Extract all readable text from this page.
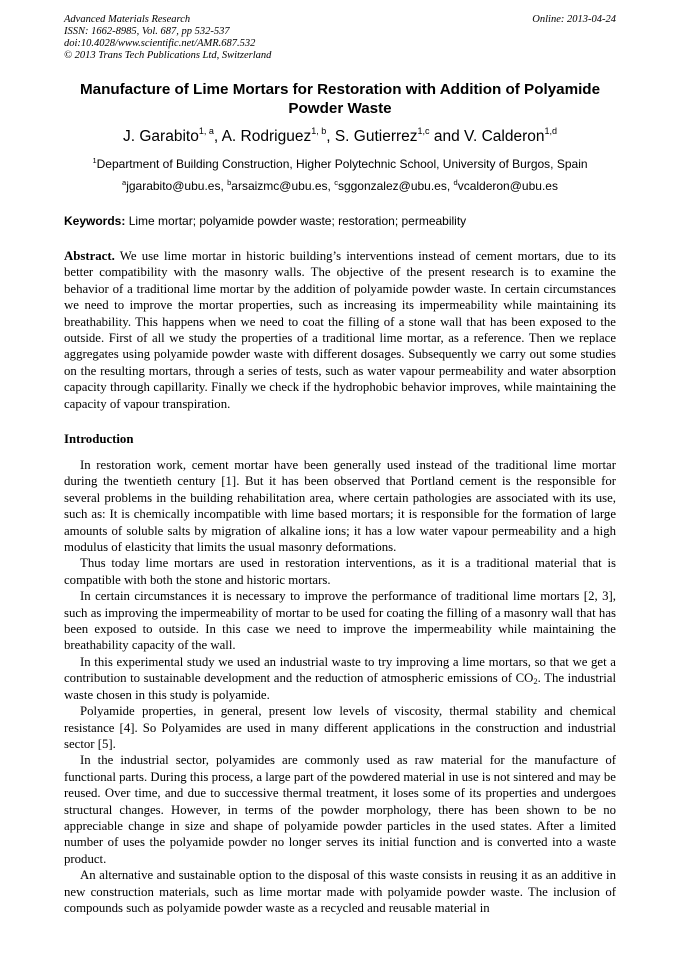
Advanced Materials Research
ISSN: 1662-8985, Vol. 687, pp 532-537
doi:10.4028/www.scientific.net/AMR.687.532
© 2013 Trans Tech Publications Ltd, Switzerland
Online: 2013-04-24
Manufacture of Lime Mortars for Restoration with Addition of Polyamide Powder Waste
J. Garabito$^{1, a}$, A. Rodriguez$^{1, b}$, S. Gutierrez$^{1,c}$ and V. Calderon$^{1,d}$
$^1$Department of Building Construction, Higher Polytechnic School, University of Burgos, Spain
$^a$jgarabito@ubu.es, $^b$arsaizmc@ubu.es, $^c$sggonzalez@ubu.es, $^d$vcalderon@ubu.es
Keywords: Lime mortar; polyamide powder waste; restoration; permeability
Abstract. We use lime mortar in historic building’s interventions instead of cement mortars, due to its better compatibility with the masonry walls. The objective of the present research is to examine the behavior of a traditional lime mortar by the addition of polyamide powder waste. In certain circumstances we need to improve the mortar properties, such as increasing its impermeability while maintaining its breathability. This happens when we need to coat the filling of a stone wall that has been exposed to the outside. First of all we study the properties of a traditional lime mortar, as a reference. Then we replace aggregates using polyamide powder waste with different dosages. Subsequently we carry out some studies on the resulting mortars, through a series of tests, such as water vapour permeability and water absorption capacity through capillarity. Finally we check if the hydrophobic behavior improves, while maintaining the capacity of vapour transpiration.
Introduction

In restoration work, cement mortar have been generally used instead of the traditional lime mortar during the twentieth century [1]. But it has been observed that Portland cement is the responsible for several problems in the building rehabilitation area, where certain pathologies are associated with its use, such as: It is chemically incompatible with lime based mortars; it is responsible for the formation of large amounts of soluble salts by migration of alkaline ions; it has a low water vapour permeability and a high modulus of elasticity that limits the usual masonry deformations.

Thus today lime mortars are used in restoration interventions, as it is a traditional material that is compatible with both the stone and historic mortars.

In certain circumstances it is necessary to improve the performance of traditional lime mortars [2, 3], such as improving the impermeability of mortar to be used for coating the filling of a masonry wall that has been exposed to outside. In this case we need to improve the impermeability while maintaining the breathability capacity of the wall.

In this experimental study we used an industrial waste to try improving a lime mortars, so that we get a contribution to sustainable development and the reduction of atmospheric emissions of $CO_2$. The industrial waste chosen in this study is polyamide.

Polyamide properties, in general, present low levels of viscosity, thermal stability and chemical resistance [4]. So Polyamides are used in many different applications in the construction and industrial sector [5].

In the industrial sector, polyamides are commonly used as raw material for the manufacture of functional parts. During this process, a large part of the powdered material in use is not sintered and may be reused. Over time, and due to successive thermal treatment, it loses some of its properties and undergoes structural changes. However, in terms of the powder morphology, there has been shown to be no appreciable change in size and shape of polyamide powder particles in the used states. After a limited number of uses the polyamide powder no longer serves its initial function and is converted into a waste product.

An alternative and sustainable option to the disposal of this waste consists in reusing it as an additive in new construction materials, such as lime mortar made with polyamide powder waste. The inclusion of compounds such as polyamide powder waste as a recycled and reusable material in
